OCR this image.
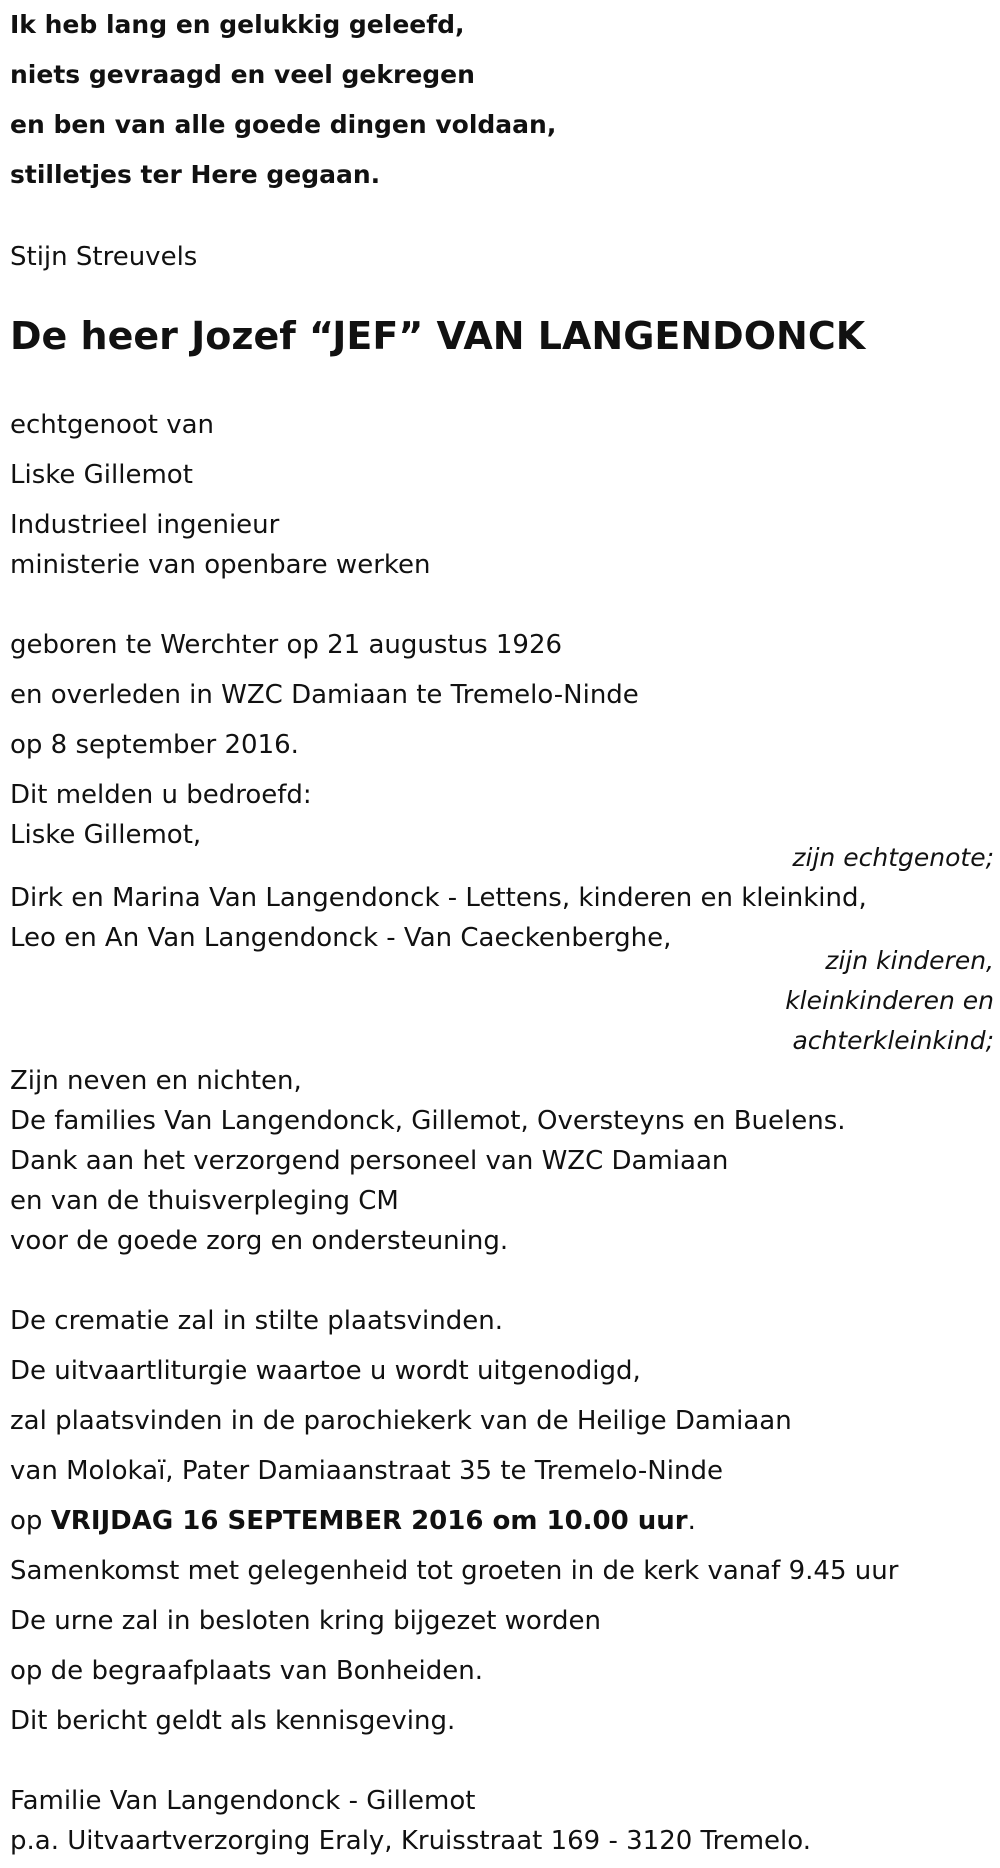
Ik heb lang en gelukkig geleefd,
niets gevraagd en veel gekregen
en ben van alle goede dingen voldaan,
stilletjes ter Here gegaan.
Stijn Streuvels
De heer Jozef “JEF” VAN LANGENDONCK
echtgenoot van
Liske Gillemot
Industrieel ingenieur
ministerie van openbare werken
geboren te Werchter op 21 augustus 1926
en overleden in WZC Damiaan te Tremelo-Ninde
op 8 september 2016.
Dit melden u bedroefd:
Liske Gillemot,
zijn echtgenote;
Dirk en Marina Van Langendonck - Lettens, kinderen en kleinkind,
Leo en An Van Langendonck - Van Caeckenberghe,
zijn kinderen,
kleinkinderen en
achterkleinkind;
Zijn neven en nichten,
De families Van Langendonck, Gillemot, Oversteyns en Buelens.
Dank aan het verzorgend personeel van WZC Damiaan
en van de thuisverpleging CM
voor de goede zorg en ondersteuning.
De crematie zal in stilte plaatsvinden.
De uitvaartliturgie waartoe u wordt uitgenodigd,
zal plaatsvinden in de parochiekerk van de Heilige Damiaan
van Molokaï, Pater Damiaanstraat 35 te Tremelo-Ninde
op VRIJDAG 16 SEPTEMBER 2016 om 10.00 uur.
Samenkomst met gelegenheid tot groeten in de kerk vanaf 9.45 uur
De urne zal in besloten kring bijgezet worden
op de begraafplaats van Bonheiden.
Dit bericht geldt als kennisgeving.
Familie Van Langendonck - Gillemot
p.a. Uitvaartverzorging Eraly, Kruisstraat 169 - 3120 Tremelo.
